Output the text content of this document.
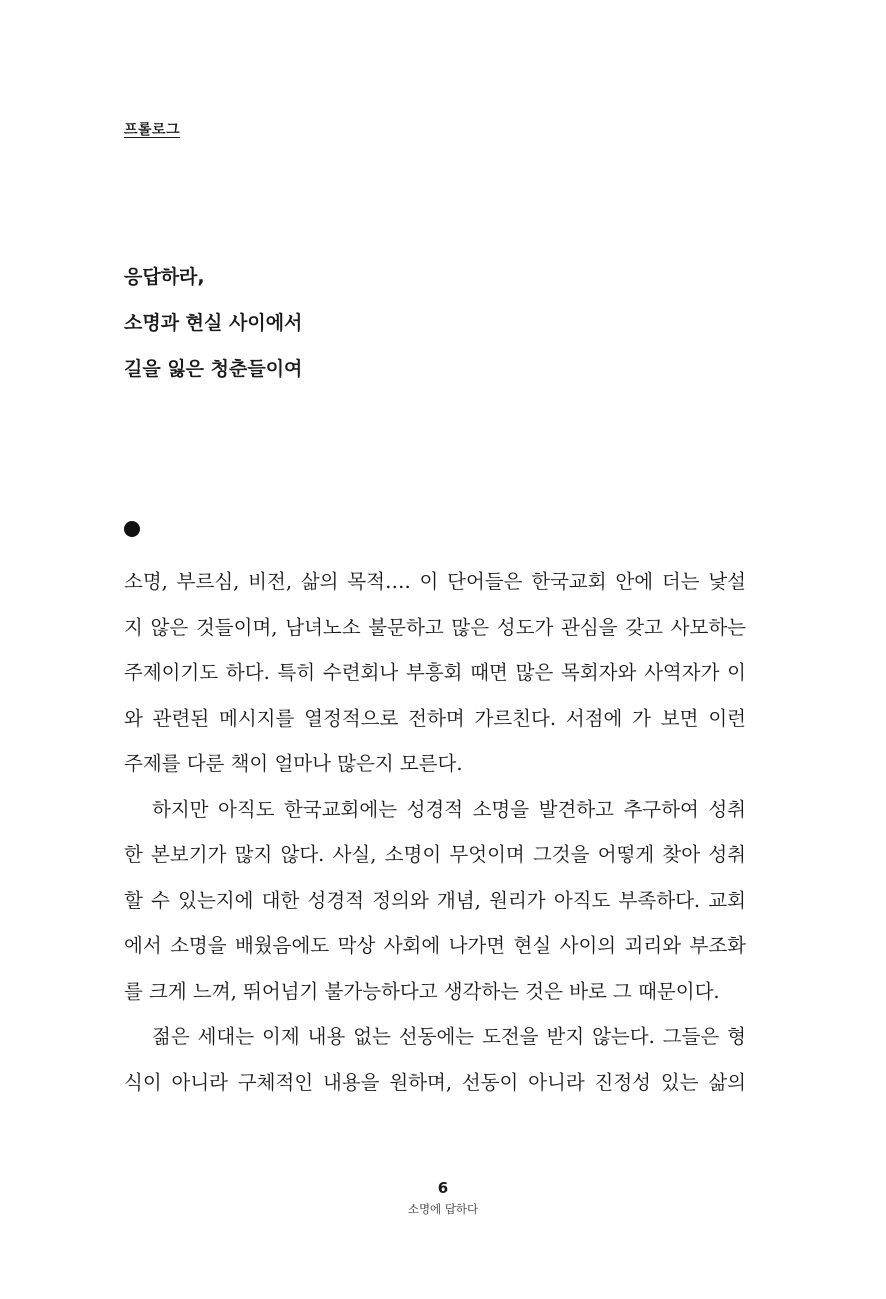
프롤로그
응답하라,
소명과 현실 사이에서
길을 잃은 청춘들이여
소명, 부르심, 비전, 삶의 목적…. 이 단어들은 한국교회 안에 더는 낯설
지 않은 것들이며, 남녀노소 불문하고 많은 성도가 관심을 갖고 사모하는
주제이기도 하다. 특히 수련회나 부흥회 때면 많은 목회자와 사역자가 이
와 관련된 메시지를 열정적으로 전하며 가르친다. 서점에 가 보면 이런
주제를 다룬 책이 얼마나 많은지 모른다.
하지만 아직도 한국교회에는 성경적 소명을 발견하고 추구하여 성취
한 본보기가 많지 않다. 사실, 소명이 무엇이며 그것을 어떻게 찾아 성취
할 수 있는지에 대한 성경적 정의와 개념, 원리가 아직도 부족하다. 교회
에서 소명을 배웠음에도 막상 사회에 나가면 현실 사이의 괴리와 부조화
를 크게 느껴, 뛰어넘기 불가능하다고 생각하는 것은 바로 그 때문이다.
젊은 세대는 이제 내용 없는 선동에는 도전을 받지 않는다. 그들은 형
식이 아니라 구체적인 내용을 원하며, 선동이 아니라 진정성 있는 삶의
6
소명에 답하다
